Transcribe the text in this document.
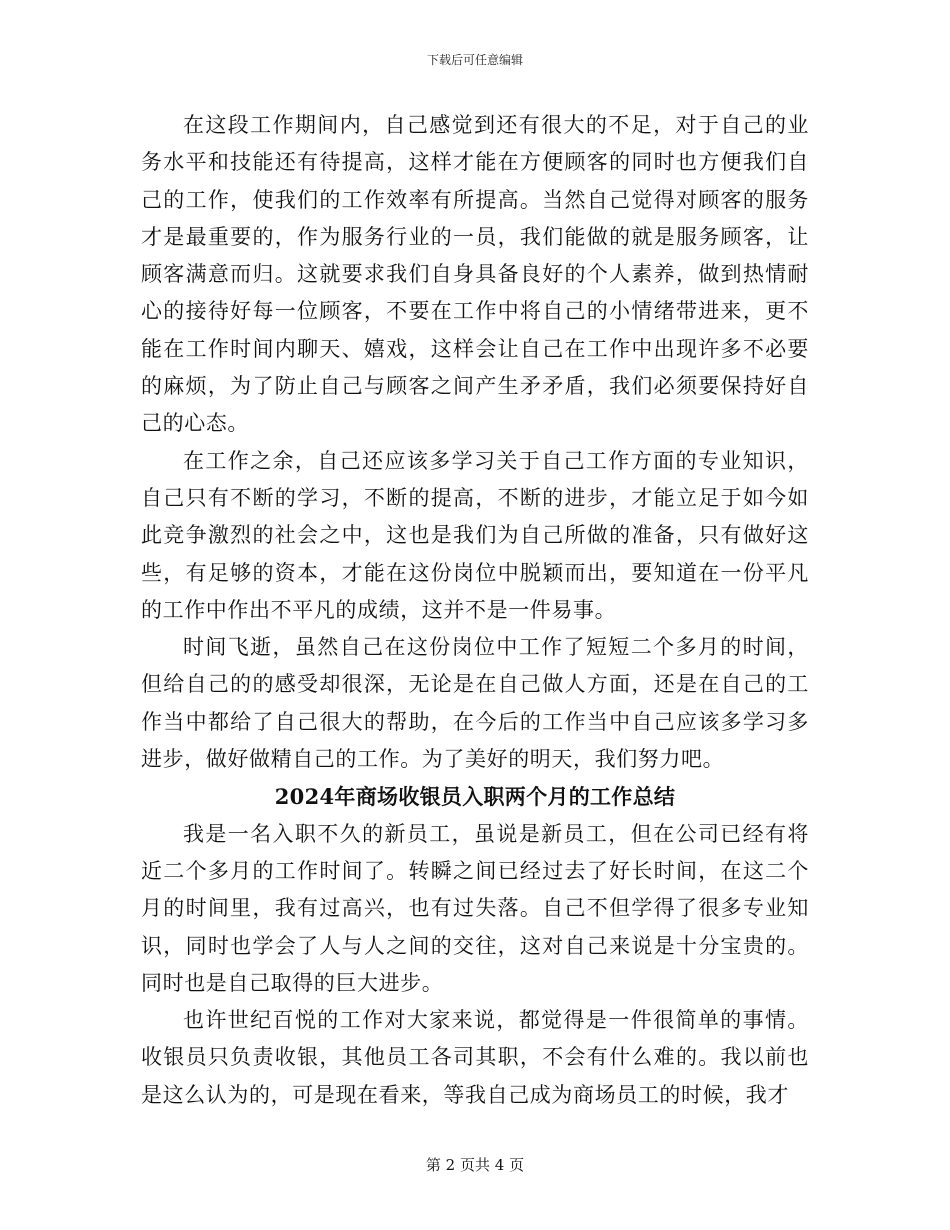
下载后可任意编辑

在这段工作期间内，自己感觉到还有很大的不足，对于自己的业务水平和技能还有待提高，这样才能在方便顾客的同时也方便我们自己的工作，使我们的工作效率有所提高。当然自己觉得对顾客的服务才是最重要的，作为服务行业的一员，我们能做的就是服务顾客，让顾客满意而归。这就要求我们自身具备良好的个人素养，做到热情耐心的接待好每一位顾客，不要在工作中将自己的小情绪带进来，更不能在工作时间内聊天、嬉戏，这样会让自己在工作中出现许多不必要的麻烦，为了防止自己与顾客之间产生矛矛盾，我们必须要保持好自己的心态。

在工作之余，自己还应该多学习关于自己工作方面的专业知识，自己只有不断的学习，不断的提高，不断的进步，才能立足于如今如此竞争激烈的社会之中，这也是我们为自己所做的准备，只有做好这些，有足够的资本，才能在这份岗位中脱颖而出，要知道在一份平凡的工作中作出不平凡的成绩，这并不是一件易事。

时间飞逝，虽然自己在这份岗位中工作了短短二个多月的时间，但给自己的的感受却很深，无论是在自己做人方面，还是在自己的工作当中都给了自己很大的帮助，在今后的工作当中自己应该多学习多进步，做好做精自己的工作。为了美好的明天，我们努力吧。

2024年商场收银员入职两个月的工作总结

我是一名入职不久的新员工，虽说是新员工，但在公司已经有将近二个多月的工作时间了。转瞬之间已经过去了好长时间，在这二个月的时间里，我有过高兴，也有过失落。自己不但学得了很多专业知识，同时也学会了人与人之间的交往，这对自己来说是十分宝贵的。同时也是自己取得的巨大进步。

也许世纪百悦的工作对大家来说，都觉得是一件很简单的事情。收银员只负责收银，其他员工各司其职，不会有什么难的。我以前也是这么认为的，可是现在看来，等我自己成为商场员工的时候，我才

第 2 页共 4 页
